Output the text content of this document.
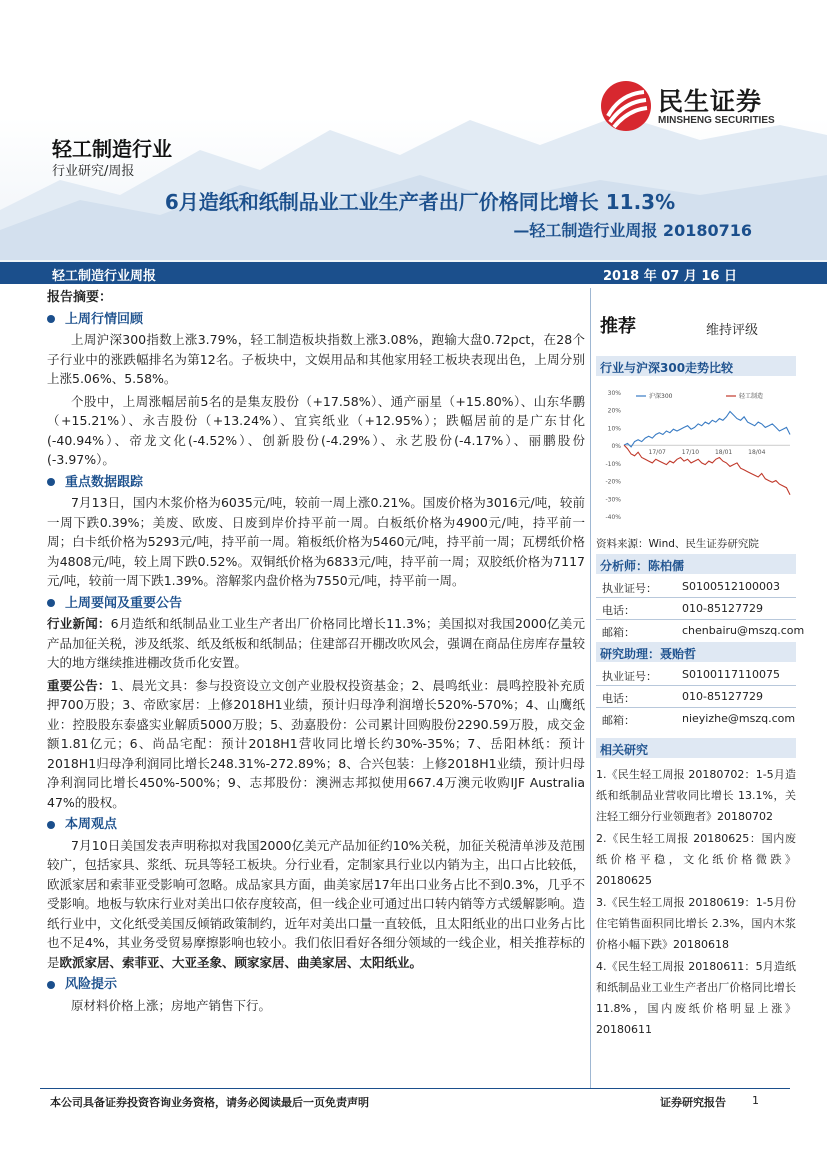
民生证券
MINSHENG SECURITIES
轻工制造行业
行业研究/周报
6月造纸和纸制品业工业生产者出厂价格同比增长 11.3%
—轻工制造行业周报 20180716
轻工制造行业周报	2018 年 07 月 16 日
报告摘要：
上周行情回顾

上周沪深300指数上涨3.79%，轻工制造板块指数上涨3.08%，跑输大盘0.72pct，在28个子行业中的涨跌幅排名为第12名。子板块中，文娱用品和其他家用轻工板块表现出色，上周分别上涨5.06%、5.58%。

个股中，上周涨幅居前5名的是集友股份（+17.58%）、通产丽星（+15.80%）、山东华鹏（+15.21%）、永吉股份（+13.24%）、宜宾纸业（+12.95%）；跌幅居前的是广东甘化(-40.94%）、帝龙文化(-4.52%）、创新股份(-4.29%）、永艺股份(-4.17%）、丽鹏股份(-3.97%）。

重点数据跟踪

7月13日，国内木浆价格为6035元/吨，较前一周上涨0.21%。国废价格为3016元/吨，较前一周下跌0.39%；美废、欧废、日废到岸价持平前一周。白板纸价格为4900元/吨，持平前一周；白卡纸价格为5293元/吨，持平前一周。箱板纸价格为5460元/吨，持平前一周；瓦楞纸价格为4808元/吨，较上周下跌0.52%。双铜纸价格为6833元/吨，持平前一周；双胶纸价格为7117元/吨，较前一周下跌1.39%。溶解浆内盘价格为7550元/吨，持平前一周。

上周要闻及重要公告

行业新闻：6月造纸和纸制品业工业生产者出厂价格同比增长11.3%；美国拟对我国2000亿美元产品加征关税，涉及纸浆、纸及纸板和纸制品；住建部召开棚改吹风会，强调在商品住房库存量较大的地方继续推进棚改货币化安置。

重要公告：1、晨光文具：参与投资设立文创产业股权投资基金；2、晨鸣纸业：晨鸣控股补充质押700万股；3、帝欧家居：上修2018H1业绩，预计归母净利润增长520%-570%；4、山鹰纸业：控股股东泰盛实业解质5000万股；5、劲嘉股份：公司累计回购股份2290.59万股，成交金额1.81亿元；6、尚品宅配：预计2018H1营收同比增长约30%-35%；7、岳阳林纸：预计2018H1归母净利润同比增长248.31%-272.89%；8、合兴包装：上修2018H1业绩，预计归母净利润同比增长450%-500%；9、志邦股份：澳洲志邦拟使用667.4万澳元收购IJF Australia 47%的股权。

本周观点

7月10日美国发表声明称拟对我国2000亿美元产品加征约10%关税，加征关税清单涉及范围较广，包括家具、浆纸、玩具等轻工板块。分行业看，定制家具行业以内销为主，出口占比较低，欧派家居和索菲亚受影响可忽略。成品家具方面，曲美家居17年出口业务占比不到0.3%，几乎不受影响。地板与软床行业对美出口依存度较高，但一线企业可通过出口转内销等方式缓解影响。造纸行业中，文化纸受美国反倾销政策制约，近年对美出口量一直较低，且太阳纸业的出口业务占比也不足4%，其业务受贸易摩擦影响也较小。我们依旧看好各细分领域的一线企业，相关推荐标的是欧派家居、索菲亚、大亚圣象、顾家家居、曲美家居、太阳纸业。

风险提示

原材料价格上涨；房地产销售下行。

推荐	维持评级
行业与沪深300走势比较
30%
20%
10%
0%
-10%
-20%
-30%
-40%
17/07	17/10	18/01	18/04
沪深300	轻工制造
资料来源：Wind、民生证券研究院
分析师：陈柏儒
执业证号： S0100512100003
电话：	010-85127729
邮箱：	chenbairu@mszq.com
研究助理：聂贻哲
执业证号： S0100117110075
电话：	010-85127729
邮箱：	nieyizhe@mszq.com
相关研究

1.《民生轻工周报 20180702：1-5月造纸和纸制品业营收同比增长 13.1%，关注轻工细分行业领跑者》20180702

2.《民生轻工周报 20180625：国内废纸价格平稳，文化纸价格微跌》20180625

3.《民生轻工周报 20180619：1-5月份住宅销售面积同比增长 2.3%，国内木浆价格小幅下跌》20180618

4.《民生轻工周报 20180611：5月造纸和纸制品业工业生产者出厂价格同比增长 11.8%，国内废纸价格明显上涨》20180611

本公司具备证券投资咨询业务资格，请务必阅读最后一页免责声明	证券研究报告 1
